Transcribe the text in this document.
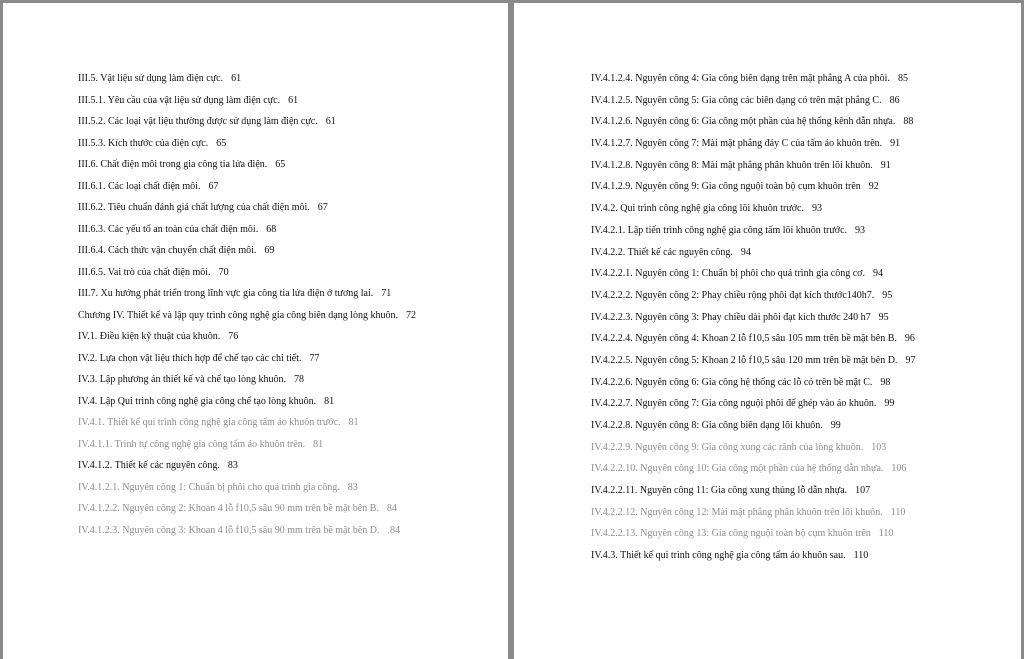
III.5. Vật liệu sử dụng làm điện cực. 61
III.5.1. Yêu cầu của vật liệu sử dụng làm điện cực. 61
III.5.2. Các loại vật liệu thường được sử dụng làm điện cực. 61
III.5.3. Kích thước của điện cực. 65
III.6. Chất điện môi trong gia công tia lửa điện. 65
III.6.1. Các loại chất điện môi. 67
III.6.2. Tiêu chuẩn đánh giá chất lượng của chất điện môi. 67
III.6.3. Các yếu tố an toàn của chất điện môi. 68
III.6.4. Cách thức vận chuyển chất điện môi. 69
III.6.5. Vai trò của chất điện môi. 70
III.7. Xu hướng phát triển trong lĩnh vực gia công tia lửa điện ở tương lai. 71
Chương IV. Thiết kế và lập quy trình công nghệ gia công biên dạng lòng khuôn. 72
IV.1. Điều kiện kỹ thuật của khuôn. 76
IV.2. Lựa chọn vật liệu thích hợp để chế tạo các chi tiết. 77
IV.3. Lập phương án thiết kế và chế tạo lòng khuôn. 78
IV.4. Lập Qui trình công nghệ gia công chế tạo lòng khuôn. 81
IV.4.1. Thiết kế qui trình công nghệ gia công tấm áo khuôn trước. 81
IV.4.1.1. Trình tự công nghệ gia công tấm áo khuôn trên. 81
IV.4.1.2. Thiết kế các nguyên công. 83
IV.4.1.2.1. Nguyên công 1: Chuẩn bị phôi cho quá trình gia công. 83
IV.4.1.2.2. Nguyên công 2: Khoan 4 lỗ f10,5 sâu 90 mm trên bề mặt bên B. 84
IV.4.1.2.3. Nguyên công 3: Khoan 4 lỗ f10,5 sâu 90 mm trên bề mặt bên D. .84
IV.4.1.2.4. Nguyên công 4: Gia công biên dạng trên mặt phẳng A của phôi. 85
IV.4.1.2.5. Nguyên công 5: Gia công các biên dạng có trên mặt phẳng C. 86
IV.4.1.2.6. Nguyên công 6: Gia công một phần của hệ thống kênh dẫn nhựa. 88
IV.4.1.2.7. Nguyên công 7: Mài mặt phẳng đáy C của tấm áo khuôn trên. 91
IV.4.1.2.8. Nguyên công 8: Mài mặt phẳng phân khuôn trên lõi khuôn. 91
IV.4.1.2.9. Nguyên công 9: Gia công nguội toàn bộ cụm khuôn trên 92
IV.4.2. Qui trình công nghệ gia công lõi khuôn trước. 93
IV.4.2.1. Lập tiến trình công nghệ gia công tấm lõi khuôn trước. 93
IV.4.2.2. Thiết kế các nguyên công. 94
IV.4.2.2.1. Nguyên công 1: Chuẩn bị phôi cho quá trình gia công cơ. 94
IV.4.2.2.2. Nguyên công 2: Phay chiều rộng phôi đạt kích thước140h7. 95
IV.4.2.2.3. Nguyên công 3: Phay chiều dài phôi đạt kích thước 240 h7 95
IV.4.2.2.4. Nguyên công 4: Khoan 2 lỗ f10,5 sâu 105 mm trên bề mặt bên B. 96
IV.4.2.2.5. Nguyên công 5: Khoan 2 lỗ f10,5 sâu 120 mm trên bề mặt bên D. 97
IV.4.2.2.6. Nguyên công 6: Gia công hệ thống các lỗ có trên bề mặt C. 98
IV.4.2.2.7. Nguyên công 7: Gia công nguội phôi để ghép vào áo khuôn. 99
IV.4.2.2.8. Nguyên công 8: Gia công biên dạng lõi khuôn. 99
IV.4.2.2.9. Nguyên công 9: Gia công xung các rãnh của lòng khuôn. 103
IV.4.2.2.10. Nguyên công 10: Gia công một phần của hệ thống dẫn nhựa. 106
IV.4.2.2.11. Nguyên công 11: Gia công xung thủng lỗ dẫn nhựa. 107
IV.4.2.2.12. Nguyên công 12: Mài mặt phẳng phân khuôn trên lõi khuôn. 110
IV.4.2.2.13. Nguyên công 13: Gia công nguội toàn bộ cụm khuôn trên 110
IV.4.3. Thiết kế qui trình công nghệ gia công tấm áo khuôn sau. 110
